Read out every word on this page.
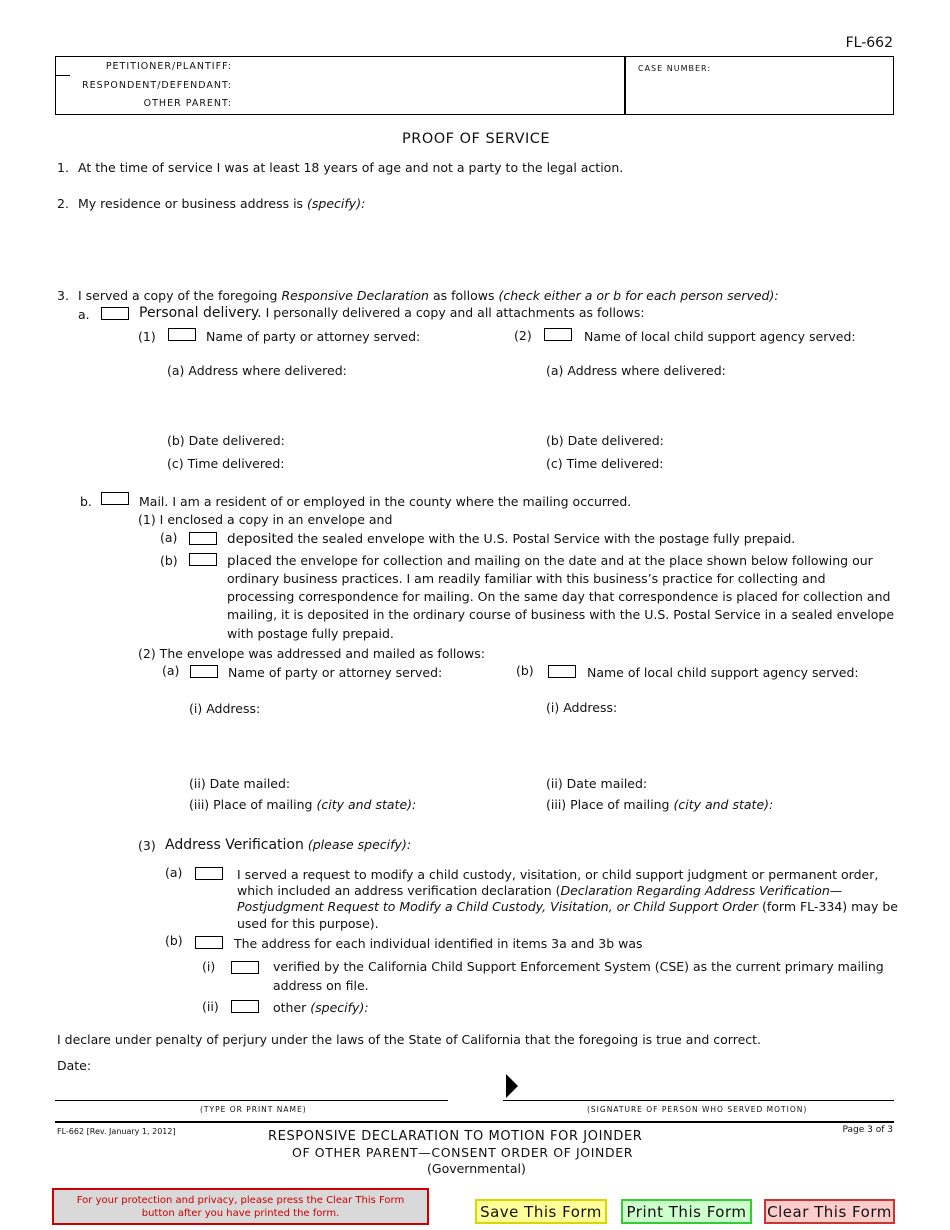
FL-662
PETITIONER/PLANTIFF:
RESPONDENT/DEFENDANT:
OTHER PARENT:
CASE NUMBER:
PROOF OF SERVICE
1. At the time of service I was at least 18 years of age and not a party to the legal action.
2. My residence or business address is (specify):
3. I served a copy of the foregoing Responsive Declaration as follows (check either a or b for each person served):
a.	Personal delivery. I personally delivered a copy and all attachments as follows:
(1)	Name of party or attorney served:	(2)	Name of local child support agency served:
(a) Address where delivered:	(a) Address where delivered:
(b) Date delivered:	(b) Date delivered:
(c) Time delivered:	(c) Time delivered:
b.	Mail. I am a resident of or employed in the county where the mailing occurred.
(1) I enclosed a copy in an envelope and
(a)	deposited the sealed envelope with the U.S. Postal Service with the postage fully prepaid.
(b)	placed the envelope for collection and mailing on the date and at the place shown below following our
ordinary business practices. I am readily familiar with this business’s practice for collecting and
processing correspondence for mailing. On the same day that correspondence is placed for collection and
mailing, it is deposited in the ordinary course of business with the U.S. Postal Service in a sealed envelope
with postage fully prepaid.
(2) The envelope was addressed and mailed as follows:
(a)	Name of party or attorney served:	(b)	Name of local child support agency served:
(i) Address:	(i) Address:
(ii) Date mailed:	(ii) Date mailed:
(iii) Place of mailing (city and state):	(iii) Place of mailing (city and state):
(3) Address Verification (please specify):
(a)	I served a request to modify a child custody, visitation, or child support judgment or permanent order,
which included an address verification declaration (Declaration Regarding Address Verification—
Postjudgment Request to Modify a Child Custody, Visitation, or Child Support Order (form FL-334) may be
used for this purpose).
(b)	The address for each individual identified in items 3a and 3b was
(i)	verified by the California Child Support Enforcement System (CSE) as the current primary mailing
address on file.
(ii)	other (specify):
I declare under penalty of perjury under the laws of the State of California that the foregoing is true and correct.
Date:
(TYPE OR PRINT NAME)	(SIGNATURE OF PERSON WHO SERVED MOTION)
FL-662 [Rev. January 1, 2012]	RESPONSIVE DECLARATION TO MOTION FOR JOINDER
OF OTHER PARENT—CONSENT ORDER OF JOINDER
(Governmental)
Page 3 of 3
For your protection and privacy, please press the Clear This Form
button after you have printed the form.	Save This Form	Print This Form	Clear This Form
